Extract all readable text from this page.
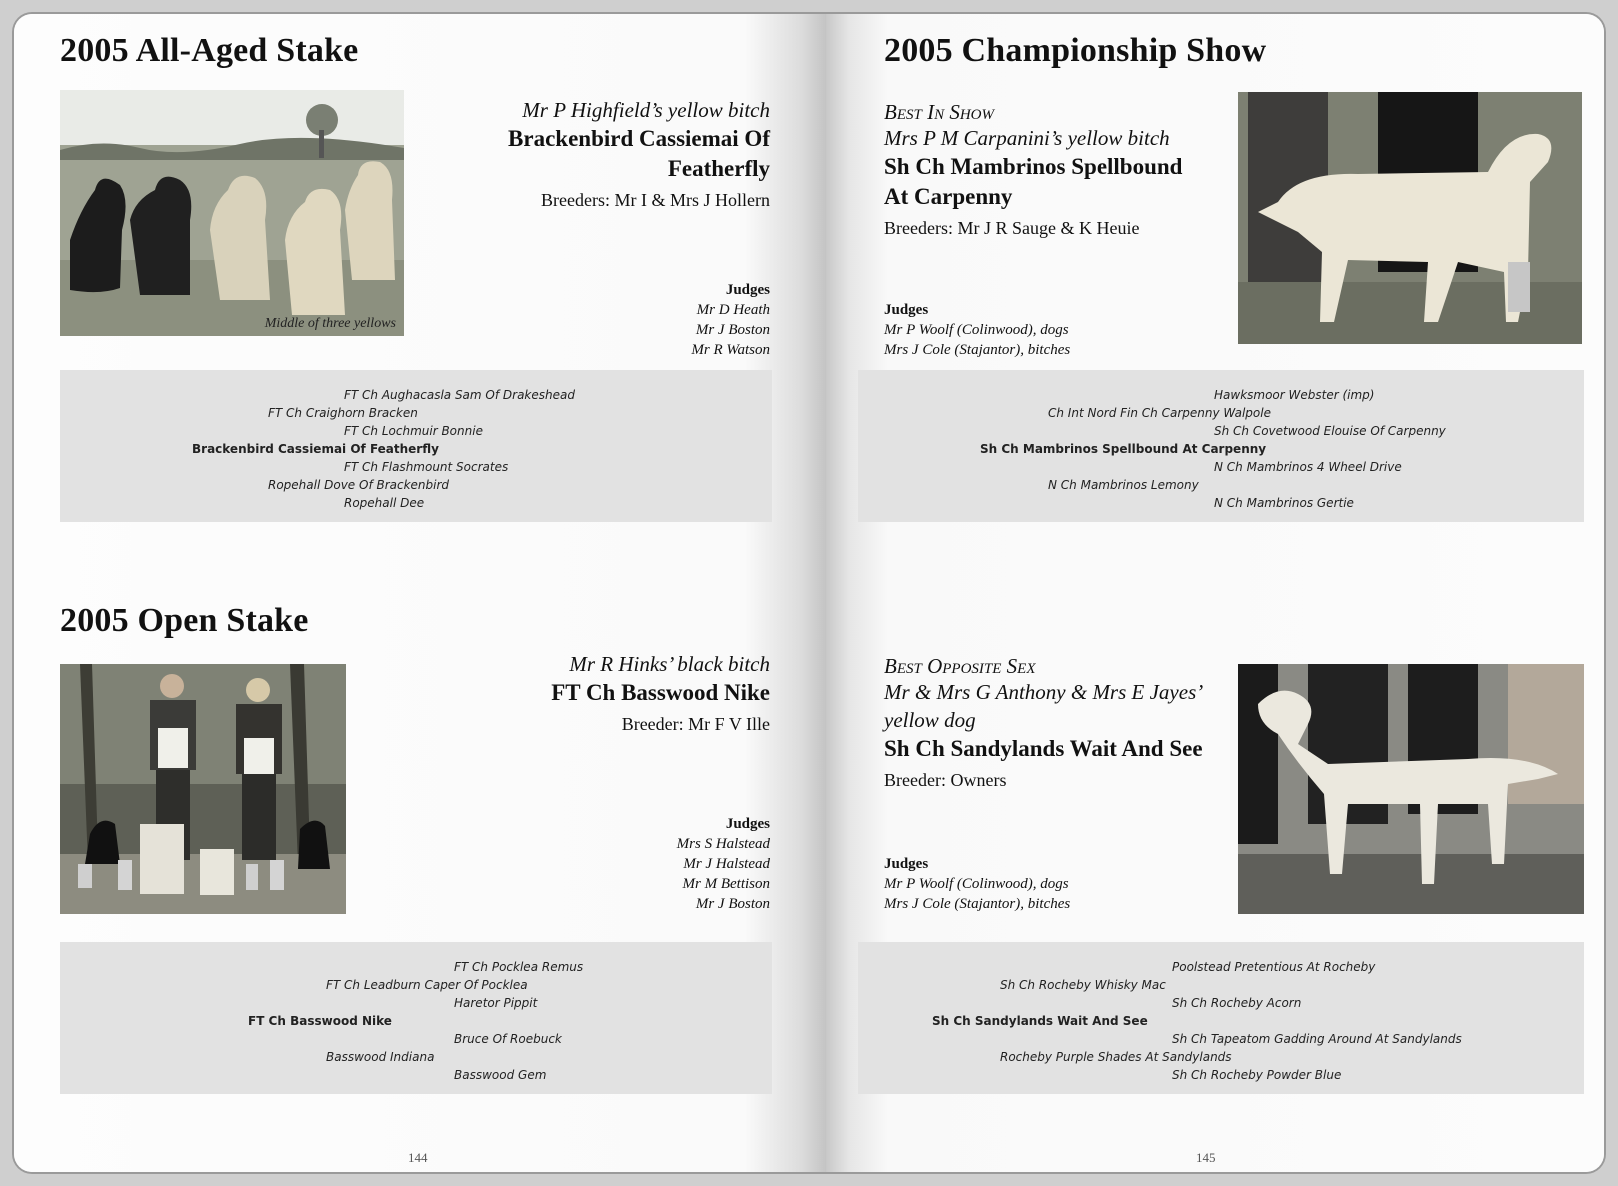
2005 All-Aged Stake
Middle of three yellows
Mr P Highfield’s yellow bitch
Brackenbird Cassiemai Of
Featherfly
Breeders: Mr I & Mrs J Hollern
Judges
Mr D Heath
Mr J Boston
Mr R Watson
FT Ch Aughacasla Sam Of Drakeshead
FT Ch Craighorn Bracken
FT Ch Lochmuir Bonnie
Brackenbird Cassiemai Of Featherfly
FT Ch Flashmount Socrates
Ropehall Dove Of Brackenbird
Ropehall Dee
2005 Open Stake
Mr R Hinks’ black bitch
FT Ch Basswood Nike
Breeder: Mr F V Ille
Judges
Mrs S Halstead
Mr J Halstead
Mr M Bettison
Mr J Boston
FT Ch Pocklea Remus
FT Ch Leadburn Caper Of Pocklea
Haretor Pippit
FT Ch Basswood Nike
Bruce Of Roebuck
Basswood Indiana
Basswood Gem
144
2005 Championship Show
Best In Show
Mrs P M Carpanini’s yellow bitch
Sh Ch Mambrinos Spellbound
At Carpenny
Breeders: Mr J R Sauge & K Heuie
Judges
Mr P Woolf (Colinwood), dogs
Mrs J Cole (Stajantor), bitches
Hawksmoor Webster (imp)
Ch Int Nord Fin Ch Carpenny Walpole
Sh Ch Covetwood Elouise Of Carpenny
Sh Ch Mambrinos Spellbound At Carpenny
N Ch Mambrinos 4 Wheel Drive
N Ch Mambrinos Lemony
N Ch Mambrinos Gertie
Best Opposite Sex
Mr & Mrs G Anthony & Mrs E Jayes’
yellow dog
Sh Ch Sandylands Wait And See
Breeder: Owners
Judges
Mr P Woolf (Colinwood), dogs
Mrs J Cole (Stajantor), bitches
Poolstead Pretentious At Rocheby
Sh Ch Rocheby Whisky Mac
Sh Ch Rocheby Acorn
Sh Ch Sandylands Wait And See
Sh Ch Tapeatom Gadding Around At Sandylands
Rocheby Purple Shades At Sandylands
Sh Ch Rocheby Powder Blue
145
